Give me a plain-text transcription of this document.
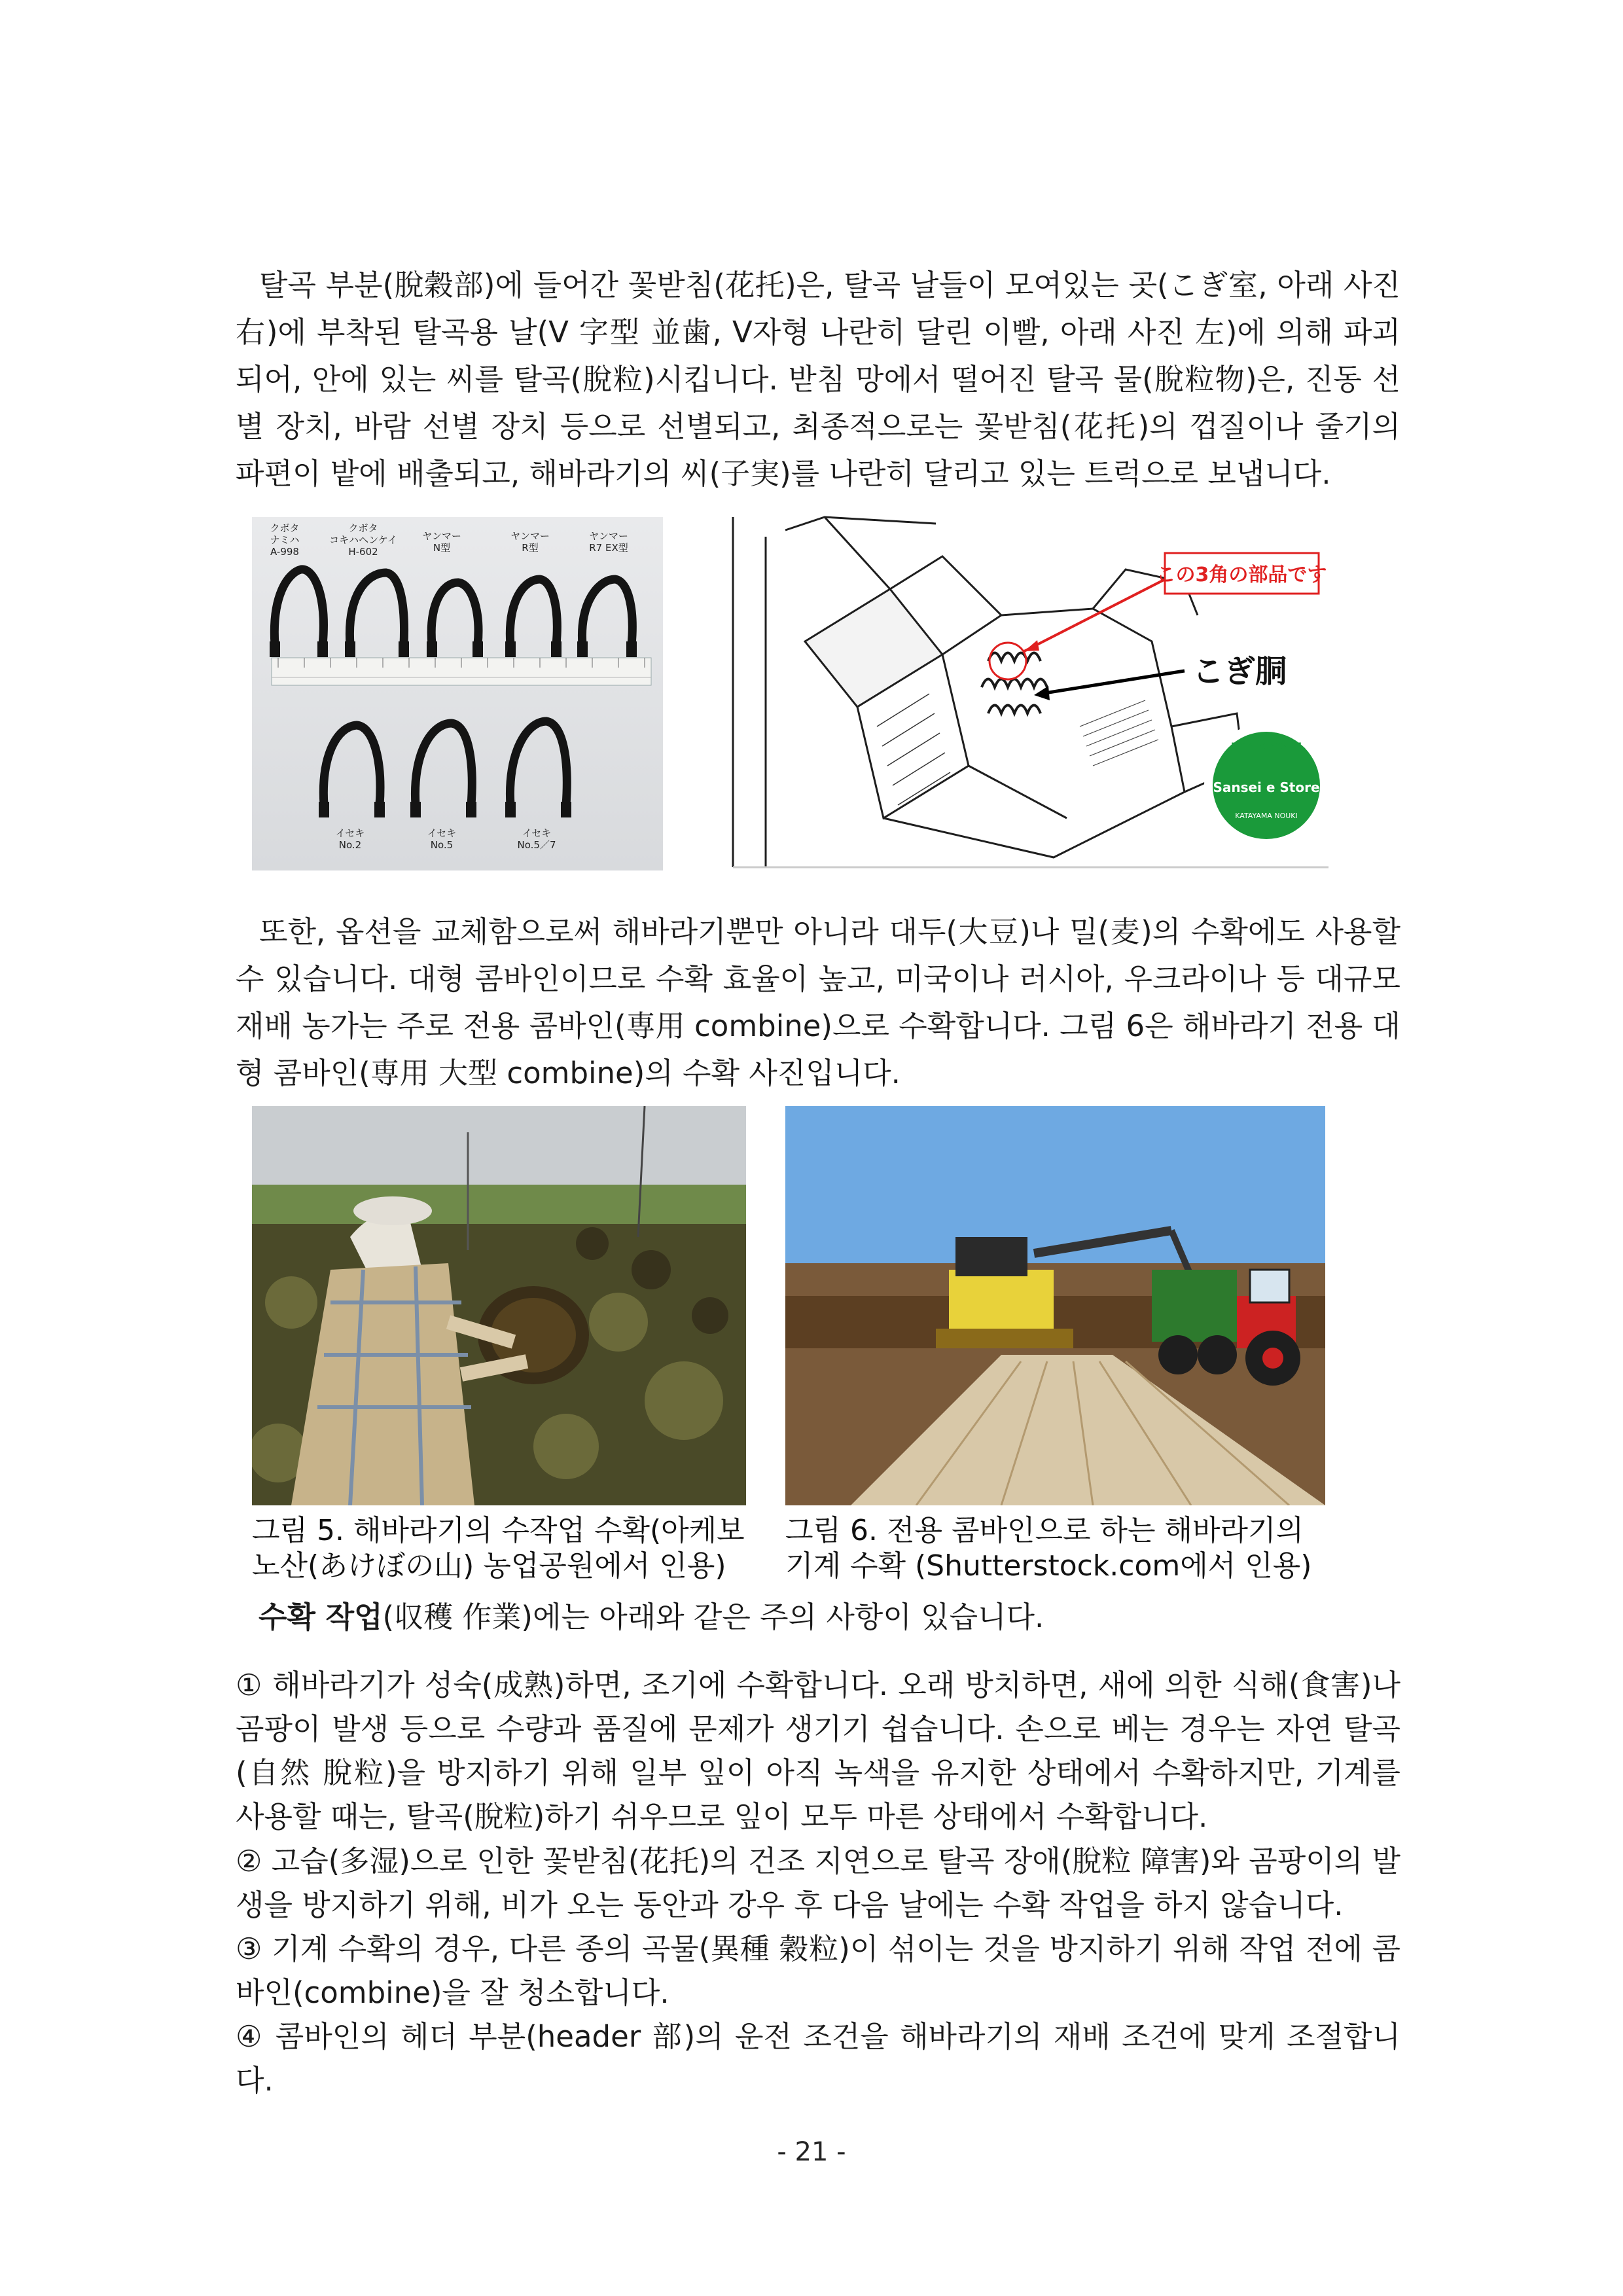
탈곡 부분(脫穀部)에 들어간 꽃받침(花托)은, 탈곡 날들이 모여있는 곳(こぎ室, 아래 사진 右)에 부착된 탈곡용 날(V 字型 並歯, V자형 나란히 달린 이빨, 아래 사진 左)에 의해 파괴되어, 안에 있는 씨를 탈곡(脫粒)시킵니다. 받침 망에서 떨어진 탈곡 물(脫粒物)은, 진동 선별 장치, 바람 선별 장치 등으로 선별되고, 최종적으로는 꽃받침(花托)의 껍질이나 줄기의 파편이 밭에 배출되고, 해바라기의 씨(子実)를 나란히 달리고 있는 트럭으로 보냅니다.

クボタ
ナミハ
A-998
クボタ
コキハヘンケイ
H-602
ヤンマー
N型
ヤンマー
R型
ヤンマー
R7 EX型
イセキ
No.2
イセキ
No.5
イセキ
No.5／7
この3角の部品です
こぎ胴
KYOTO AYABE
Sansei e Store
KATAYAMA NOUKI

또한, 옵션을 교체함으로써 해바라기뿐만 아니라 대두(大豆)나 밀(麦)의 수확에도 사용할 수 있습니다. 대형 콤바인이므로 수확 효율이 높고, 미국이나 러시아, 우크라이나 등 대규모 재배 농가는 주로 전용 콤바인(専用 combine)으로 수확합니다. 그림 6은 해바라기 전용 대형 콤바인(専用 大型 combine)의 수확 사진입니다.

그림 5. 해바라기의 수작업 수확(아케보노산(あけぼの山) 농업공원에서 인용)

그림 6. 전용 콤바인으로 하는 해바라기의 기계 수확 (Shutterstock.com에서 인용)

수확 작업(収穫 作業)에는 아래와 같은 주의 사항이 있습니다.

① 해바라기가 성숙(成熟)하면, 조기에 수확합니다. 오래 방치하면, 새에 의한 식해(食害)나 곰팡이 발생 등으로 수량과 품질에 문제가 생기기 쉽습니다. 손으로 베는 경우는 자연 탈곡(自然 脫粒)을 방지하기 위해 일부 잎이 아직 녹색을 유지한 상태에서 수확하지만, 기계를 사용할 때는, 탈곡(脫粒)하기 쉬우므로 잎이 모두 마른 상태에서 수확합니다.

② 고습(多湿)으로 인한 꽃받침(花托)의 건조 지연으로 탈곡 장애(脫粒 障害)와 곰팡이의 발생을 방지하기 위해, 비가 오는 동안과 강우 후 다음 날에는 수확 작업을 하지 않습니다.

③ 기계 수확의 경우, 다른 종의 곡물(異種 穀粒)이 섞이는 것을 방지하기 위해 작업 전에 콤바인(combine)을 잘 청소합니다.

④ 콤바인의 헤더 부분(header 部)의 운전 조건을 해바라기의 재배 조건에 맞게 조절합니다.

- 21 -
